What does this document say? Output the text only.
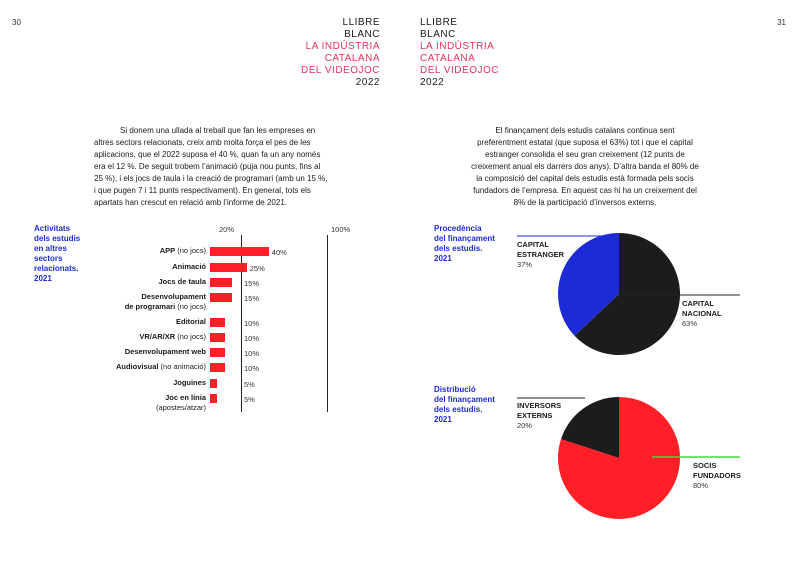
30	31
LLIBRE
BLANC
LA INDÚSTRIA
CATALANA
DEL VIDEOJOC
2022
LLIBRE
BLANC
LA INDÚSTRIA
CATALANA
DEL VIDEOJOC
2022
Si donem una ullada al treball que fan les empreses en
altres sectors relacionats, creix amb molta força el pes de les
aplicacions, que el 2022 suposa el 40 %, quan fa un any només
era el 12 %. De seguit trobem l’animació (puja nou punts, fins al
25 %), i els jocs de taula i la creació de programari (amb un 15 %,
i que pugen 7 i 11 punts respectivament). En general, tots els
apartats han crescut en relació amb l’informe de 2021.
El finançament dels estudis catalans continua sent
preferentment estatal (que suposa el 63%) tot i que el capital
estranger consolida el seu gran creixement (12 punts de
creixement anual els darrers dos anys). D’altra banda el 80% de
la composició del capital dels estudis està formada pels socis
fundadors de l’empresa. En aquest cas hi ha un creixement del
8% de la participació d’inversos externs.
Activitats
dels estudis
en altres
sectors
relacionats.
2021
Procedència
del finançament
dels estudis.
2021
Distribució
del finançament
dels estudis.
2021
20%	100%
APP (no jocs)	40%
Animació	25%
Jocs de taula	15%
Desenvolupament
de programari (no jocs)
15%
Editorial	10%
VR/AR/XR (no jocs)	10%
Desenvolupament web	10%
Audiovisual (no animació)	10%
Joguines	5%
Joc en línia
(apostes/atzar)
5%
CAPITAL
ESTRANGER
37%
CAPITAL
NACIONAL
63%
INVERSORS
EXTERNS
20%
SOCIS
FUNDADORS
80%
